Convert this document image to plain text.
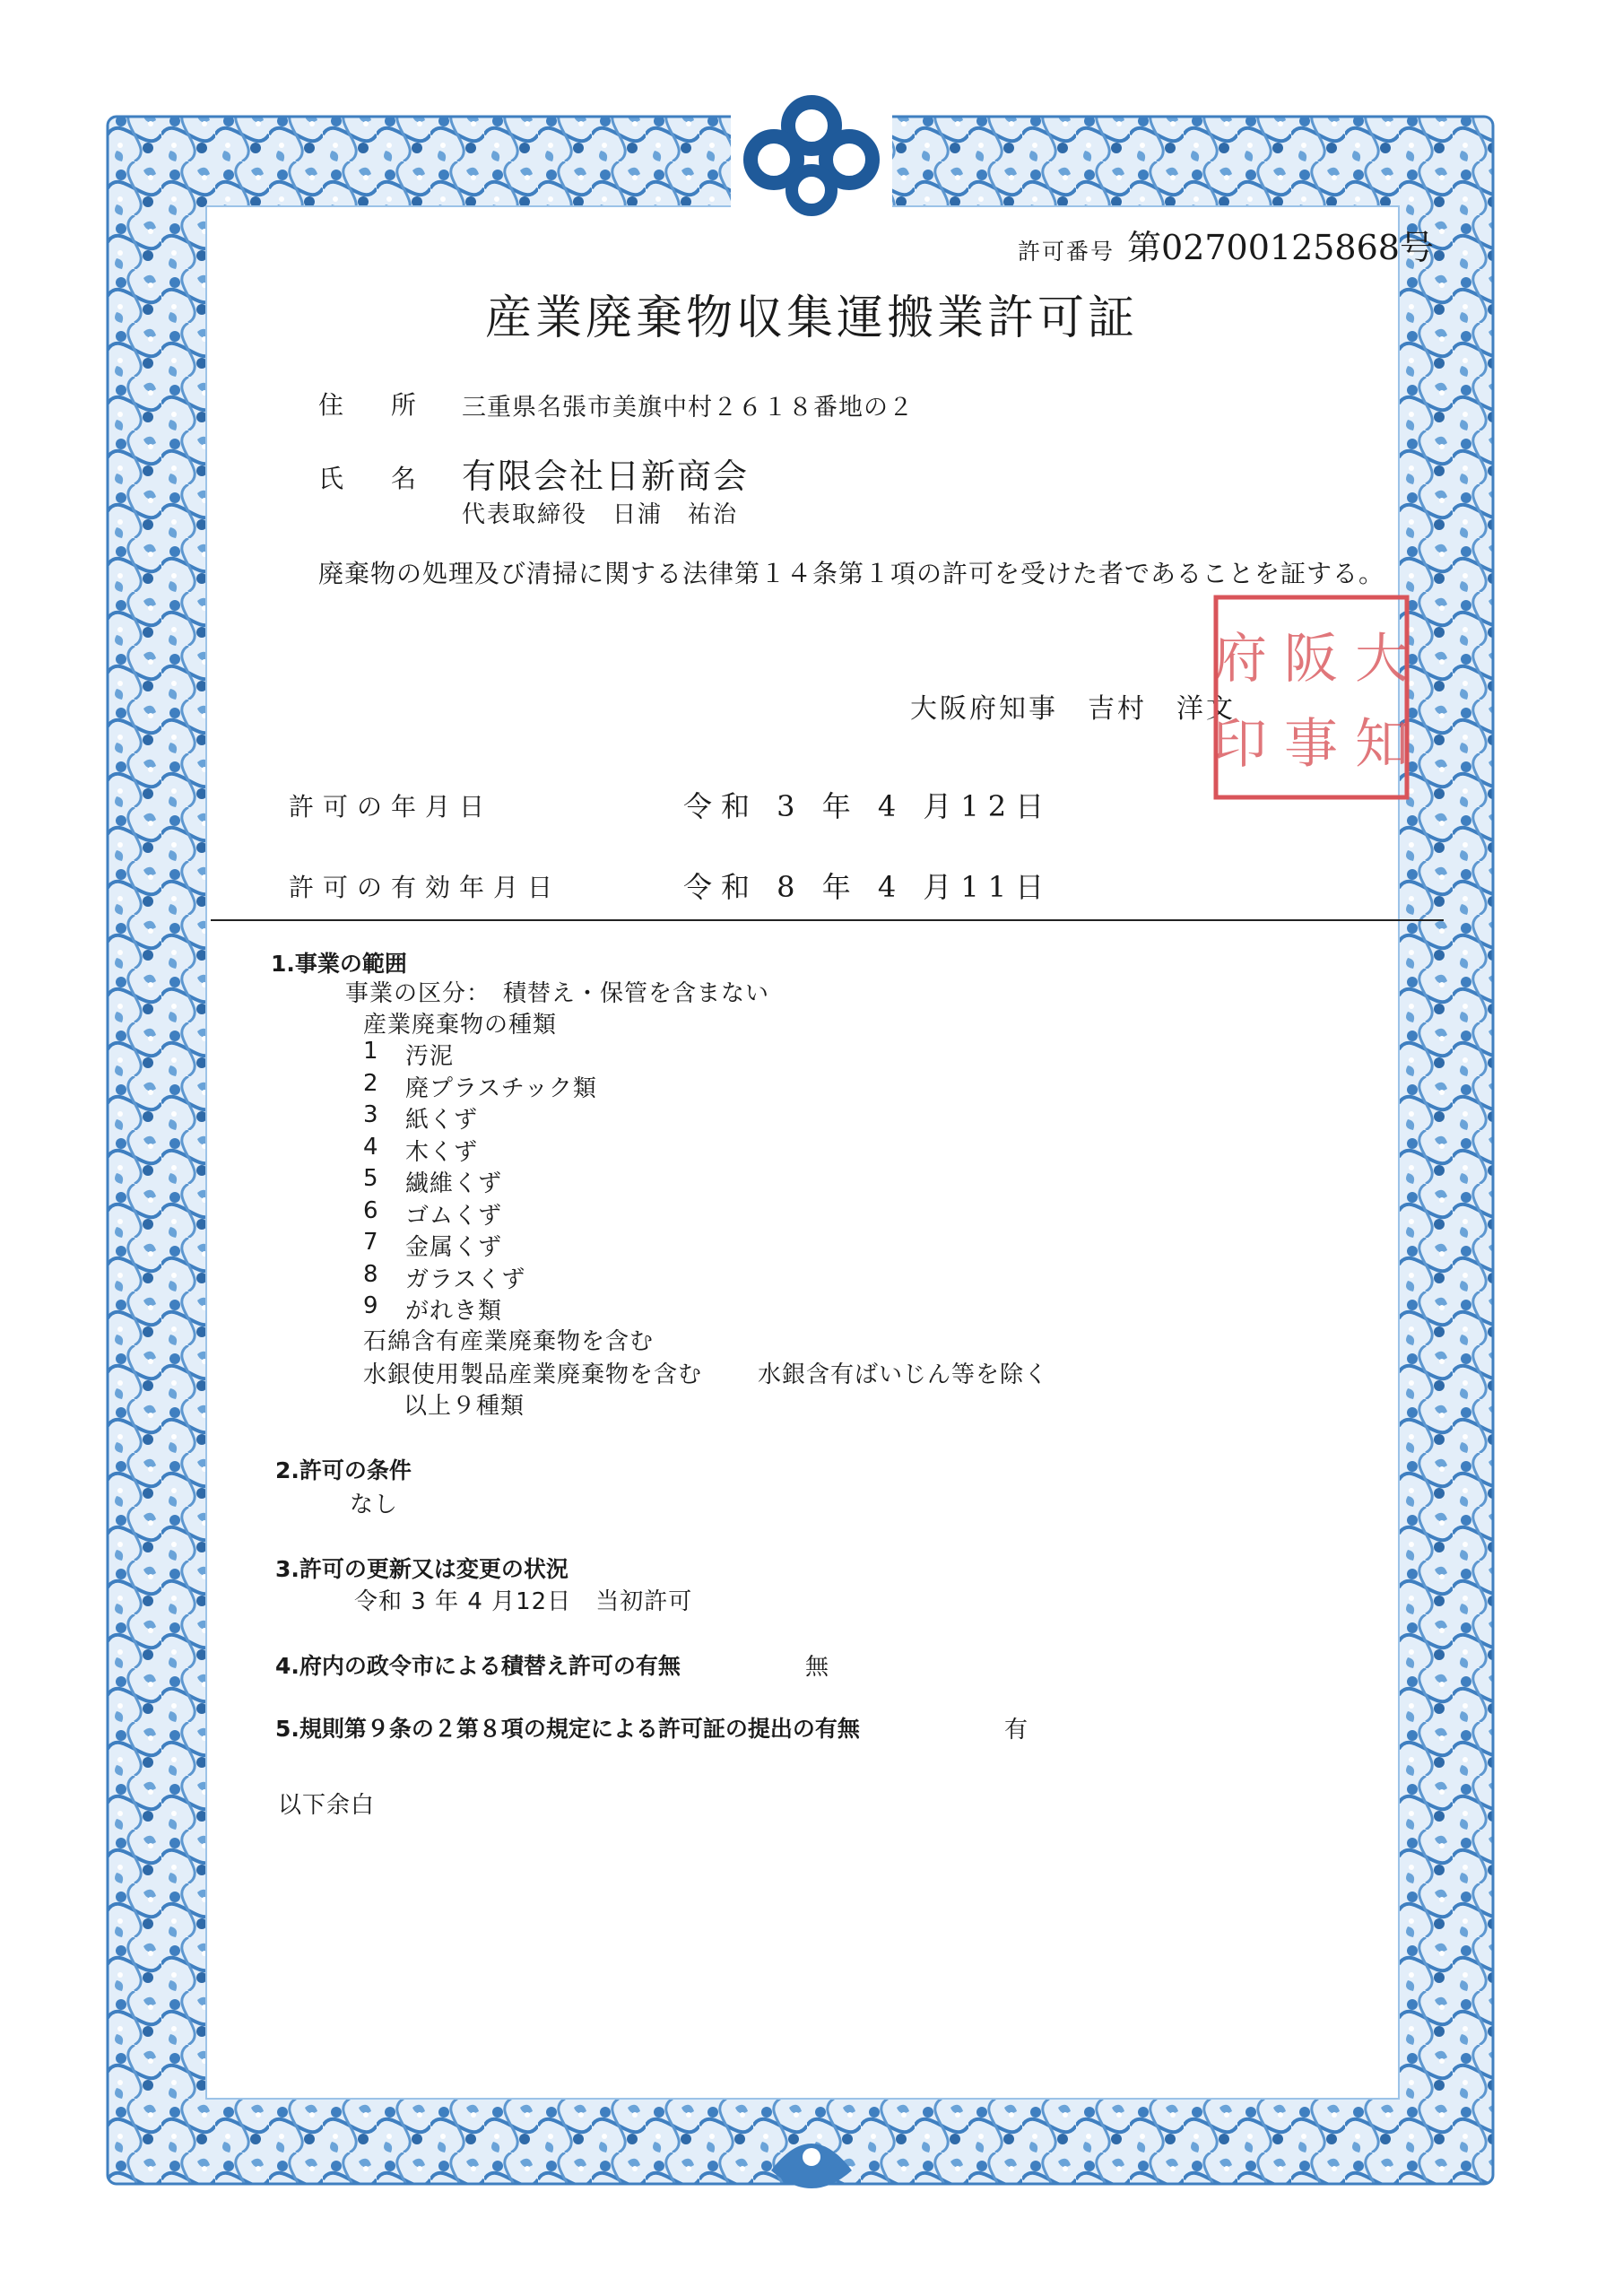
許可番号 第02700125868号
産業廃棄物収集運搬業許可証
住 所 三重県名張市美旗中村２６１８番地の２
氏 名 有限会社日新商会
代表取締役　日浦　祐治
廃棄物の処理及び清掃に関する法律第１４条第１項の許可を受けた者であることを証する。
大阪府知事　吉村　洋文
府 阪 大
印 事 知
許可の年月日	令和 3 年 4 月12日
許可の有効年月日	令和 8 年 4 月11日
1.事業の範囲
事業の区分：　積替え・保管を含まない
産業廃棄物の種類
1 汚泥
2 廃プラスチック類
3 紙くず
4 木くず
5 繊維くず
6 ゴムくず
7 金属くず
8 ガラスくず
9 がれき類
石綿含有産業廃棄物を含む
水銀使用製品産業廃棄物を含む 水銀含有ばいじん等を除く
以上９種類
2.許可の条件
なし
3.許可の更新又は変更の状況
令和 3 年 4 月12日　当初許可
4.府内の政令市による積替え許可の有無	無
5.規則第９条の２第８項の規定による許可証の提出の有無	有
以下余白
